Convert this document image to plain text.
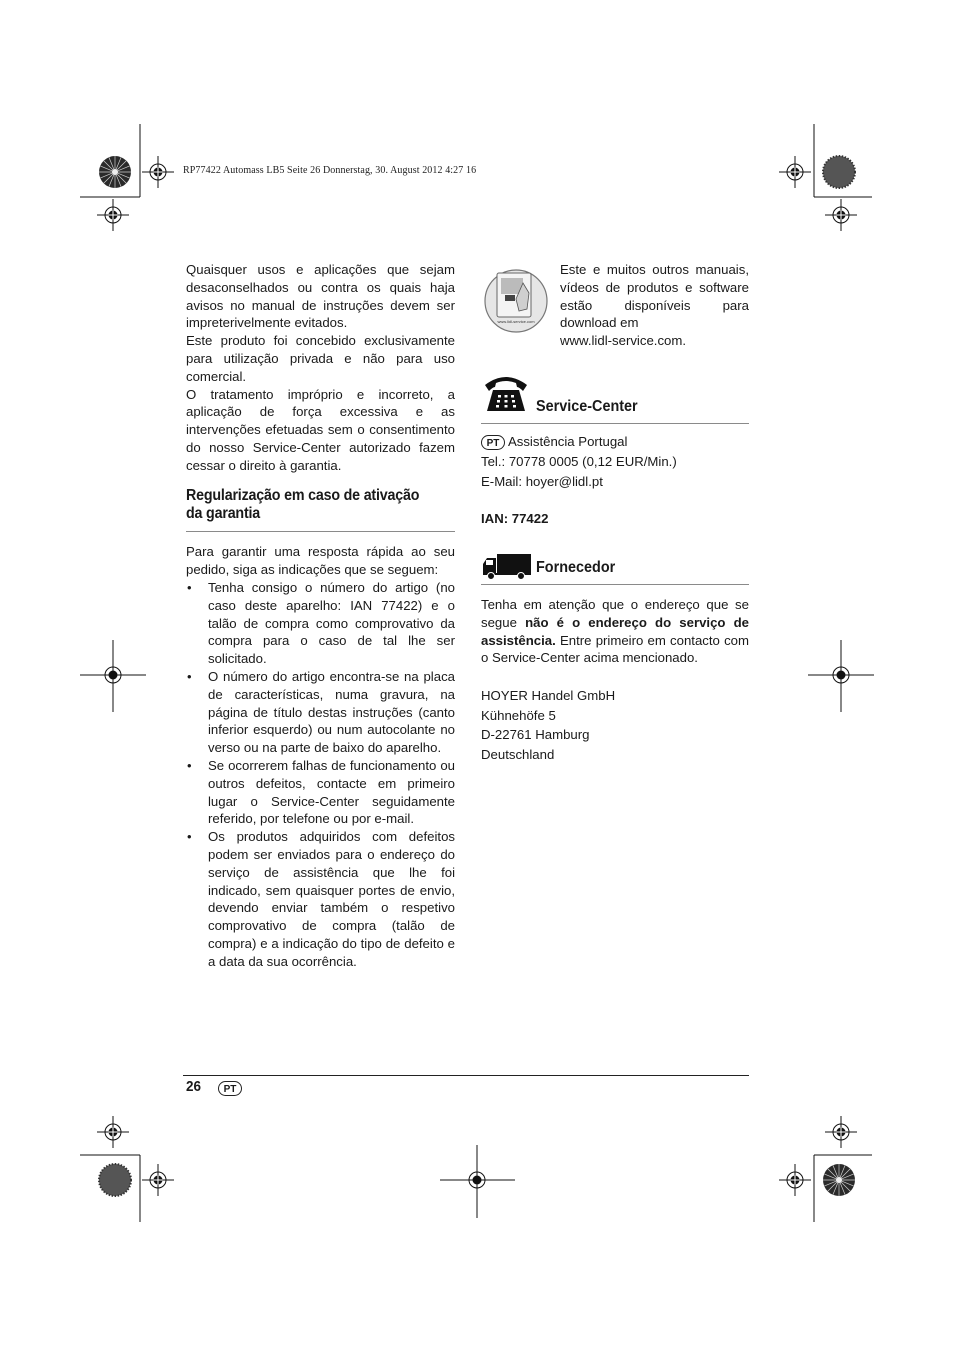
RP77422 Automass LB5 Seite 26 Donnerstag, 30. August 2012 4:27 16

Quaisquer usos e aplicações que sejam desaconselhados ou contra os quais haja avisos no manual de instruções devem ser impreterivelmente evitados.

Este produto foi concebido exclusivamente para utilização privada e não para uso comercial.

O tratamento impróprio e incorreto, a aplicação de força excessiva e as intervenções efetuadas sem o consentimento do nosso Service-Center autorizado fazem cessar o direito à garantia.

Regularização em caso de ativação da garantia

Para garantir uma resposta rápida ao seu pedido, siga as indicações que se seguem:

• Tenha consigo o número do artigo (no caso deste aparelho: IAN 77422) e o talão de compra como comprovativo da compra para o caso de tal lhe ser solicitado.
• O número do artigo encontra-se na placa de características, numa gravura, na página de título destas instruções (canto inferior esquerdo) ou num autocolante no verso ou na parte de baixo do aparelho.
• Se ocorrerem falhas de funcionamento ou outros defeitos, contacte em primeiro lugar o Service-Center seguidamente referido, por telefone ou por e-mail.
• Os produtos adquiridos com defeitos podem ser enviados para o endereço do serviço de assistência que lhe foi indicado, sem quaisquer portes de envio, devendo enviar também o respetivo comprovativo de compra (talão de compra) e a indicação do tipo de defeito e a data da sua ocorrência.
www.lidl-service.com

Este e muitos outros manuais, vídeos de produtos e software estão disponíveis para download em

www.lidl-service.com.

Service-Center

PT Assistência Portugal

Tel.: 70778 0005 (0,12 EUR/Min.)

E-Mail: hoyer@lidl.pt

IAN: 77422
Fornecedor

Tenha em atenção que o endereço que se segue não é o endereço do serviço de assistência. Entre primeiro em contacto com o Service-Center acima mencionado.

HOYER Handel GmbH

Kühnehöfe 5

D-22761 Hamburg

Deutschland

26	PT
